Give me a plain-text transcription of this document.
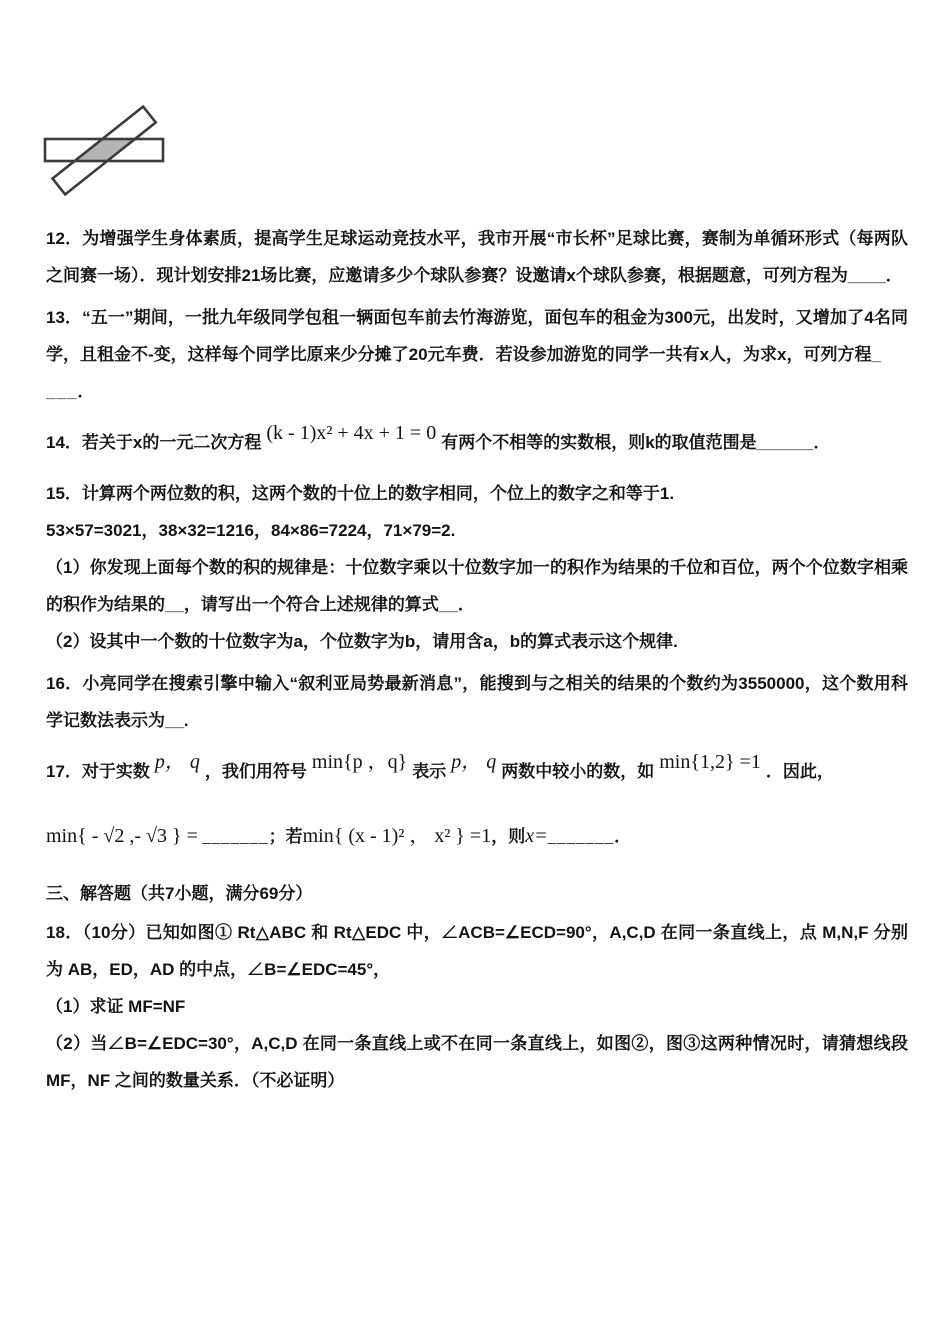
12．为增强学生身体素质，提高学生足球运动竞技水平，我市开展“市长杯”足球比赛，赛制为单循环形式（每两队之间赛一场）．现计划安排21场比赛，应邀请多少个球队参赛？设邀请x个球队参赛，根据题意，可列方程为____．

13．“五一”期间，一批九年级同学包租一辆面包车前去竹海游览，面包车的租金为300元，出发时，又增加了4名同学，且租金不-变，这样每个同学比原来少分摊了20元车费．若设参加游览的同学一共有x人，为求x，可列方程_

___．

14．若关于x的一元二次方程 (k - 1)x² + 4x + 1 = 0 有两个不相等的实数根，则k的取值范围是______．

15．计算两个两位数的积，这两个数的十位上的数字相同，个位上的数字之和等于1.

53×57=3021，38×32=1216，84×86=7224，71×79=2.

（1）你发现上面每个数的积的规律是：十位数字乘以十位数字加一的积作为结果的千位和百位，两个个位数字相乘的积作为结果的__，请写出一个符合上述规律的算式__．

（2）设其中一个数的十位数字为a，个位数字为b，请用含a，b的算式表示这个规律.

16．小亮同学在搜索引擎中输入“叙利亚局势最新消息”，能搜到与之相关的结果的个数约为3550000，这个数用科学记数法表示为__.

17．对于实数 p， q ，我们用符号 min{p ，q} 表示 p， q 两数中较小的数，如 min{1,2} =1 ．因此，

min{ - √2 ,- √3 } = _______；若min{ (x - 1)² ， x² } =1，则x=_______．

三、解答题（共7小题，满分69分）

18．（10分）已知如图① Rt△ABC 和 Rt△EDC 中，∠ACB=∠ECD=90°，A,C,D 在同一条直线上，点 M,N,F 分别为 AB，ED，AD 的中点，∠B=∠EDC=45°，

（1）求证 MF=NF

（2）当∠B=∠EDC=30°，A,C,D 在同一条直线上或不在同一条直线上，如图②，图③这两种情况时，请猜想线段 MF，NF 之间的数量关系．（不必证明）
